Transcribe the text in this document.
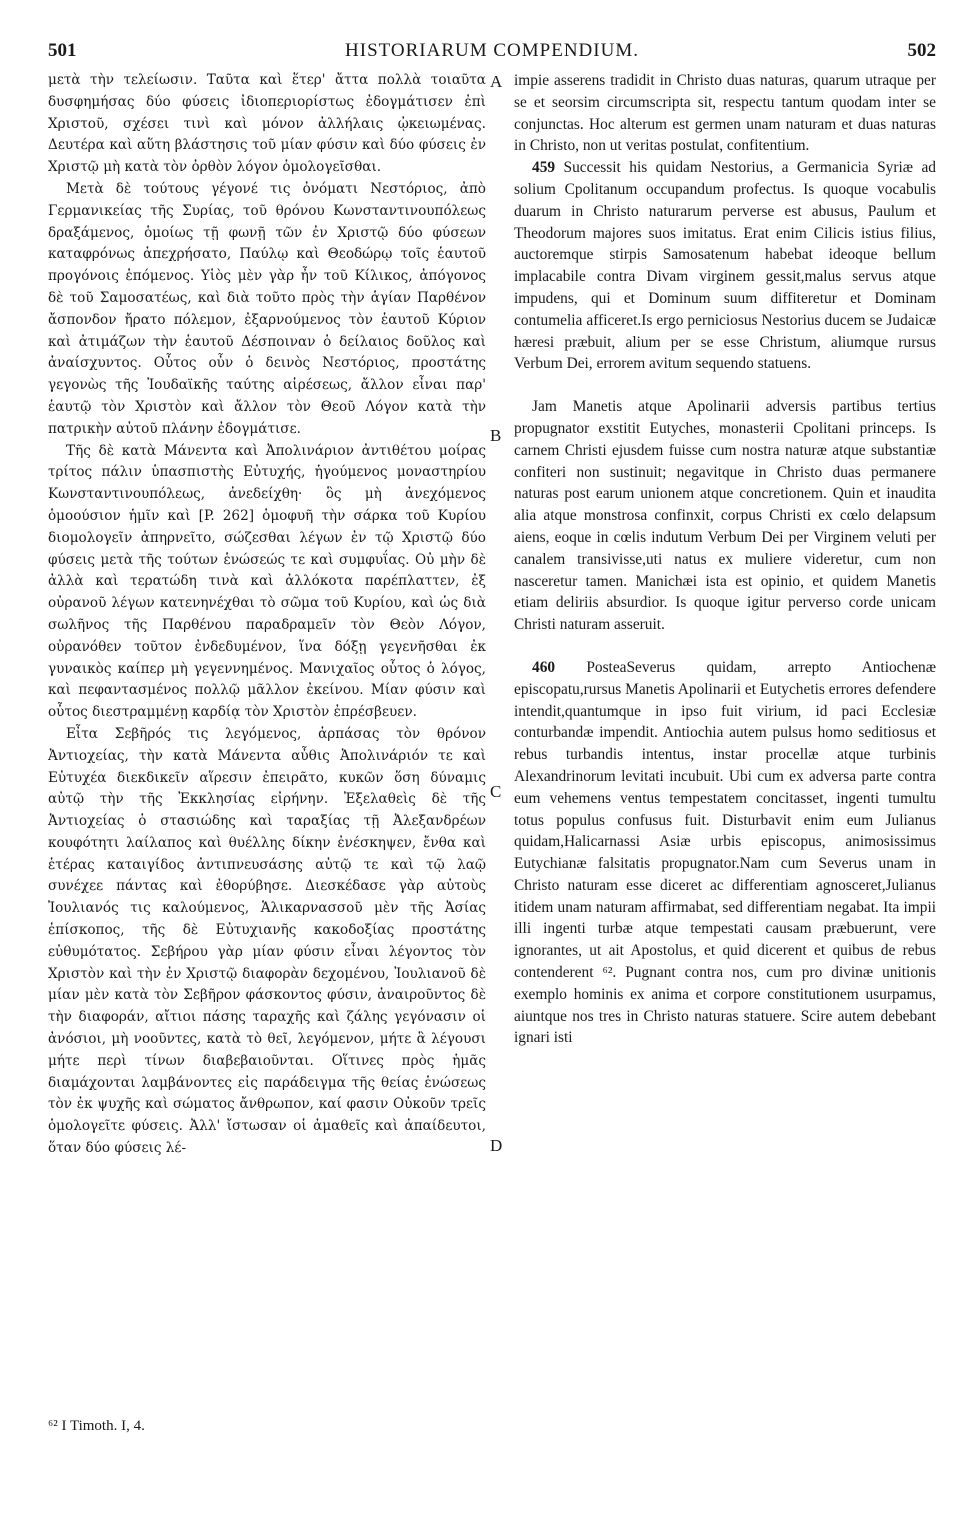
501	HISTORIARUM COMPENDIUM.	502

μετὰ τὴν τελείωσιν. Ταῦτα καὶ ἕτερ' ἄττα πολλὰ τοιαῦτα δυσφημήσας δύο φύσεις ἰδιοπεριορίστως ἐδογμάτισεν ἐπὶ Χριστοῦ, σχέσει τινὶ καὶ μόνον ἀλλήλαις ᾠκειωμένας. Δευτέρα καὶ αὕτη βλάστησις τοῦ μίαν φύσιν καὶ δύο φύσεις ἐν Χριστῷ μὴ κατὰ τὸν ὀρθὸν λόγον ὁμολογεῖσθαι.

Μετὰ δὲ τούτους γέγονέ τις ὀνόματι Νεστόριος, ἀπὸ Γερμανικείας τῆς Συρίας, τοῦ θρόνου Κωνσταντινουπόλεως δραξάμενος, ὁμοίως τῇ φωνῇ τῶν ἐν Χριστῷ δύο φύσεων καταφρόνως ἀπεχρήσατο, Παύλῳ καὶ Θεοδώρῳ τοῖς ἑαυτοῦ προγόνοις ἑπόμενος. Υἱὸς μὲν γὰρ ἦν τοῦ Κίλικος, ἀπόγονος δὲ τοῦ Σαμοσατέως, καὶ διὰ τοῦτο πρὸς τὴν ἁγίαν Παρθένον ἄσπονδον ἤρατο πόλεμον, ἐξαρνούμενος τὸν ἑαυτοῦ Κύριον καὶ ἀτιμάζων τὴν ἑαυτοῦ Δέσποιναν ὁ δείλαιος δοῦλος καὶ ἀναίσχυντος. Οὗτος οὖν ὁ δεινὸς Νεστόριος, προστάτης γεγονὼς τῆς Ἰουδαϊκῆς ταύτης αἱρέσεως, ἄλλον εἶναι παρ' ἑαυτῷ τὸν Χριστὸν καὶ ἄλλον τὸν Θεοῦ Λόγον κατὰ τὴν πατρικὴν αὐτοῦ πλάνην ἐδογμάτισε.

Τῆς δὲ κατὰ Μάνεντα καὶ Ἀπολινάριον ἀντιθέτου μοίρας τρίτος πάλιν ὑπασπιστὴς Εὐτυχής, ἡγούμενος μοναστηρίου Κωνσταντινουπόλεως, ἀνεδείχθη· ὃς μὴ ἀνεχόμενος ὁμοούσιον ἡμῖν καὶ [P. 262] ὁμοφυῆ τὴν σάρκα τοῦ Κυρίου διομολογεῖν ἀπηρνεῖτο, σώζεσθαι λέγων ἐν τῷ Χριστῷ δύο φύσεις μετὰ τῆς τούτων ἑνώσεώς τε καὶ συμφυΐας. Οὐ μὴν δὲ ἀλλὰ καὶ τερατώδη τινὰ καὶ ἀλλόκοτα παρέπλαττεν, ἐξ οὐρανοῦ λέγων κατενηνέχθαι τὸ σῶμα τοῦ Κυρίου, καὶ ὡς διὰ σωλῆνος τῆς Παρθένου παραδραμεῖν τὸν Θεὸν Λόγον, οὐρανόθεν τοῦτον ἐνδεδυμένον, ἵνα δόξῃ γεγενῆσθαι ἐκ γυναικὸς καίπερ μὴ γεγεννημένος. Μανιχαῖος οὗτος ὁ λόγος, καὶ πεφαντασμένος πολλῷ μᾶλλον ἐκείνου. Μίαν φύσιν καὶ οὗτος διεστραμμένῃ καρδίᾳ τὸν Χριστὸν ἐπρέσβευεν.

Εἶτα Σεβῆρός τις λεγόμενος, ἁρπάσας τὸν θρόνον Ἀντιοχείας, τὴν κατὰ Μάνεντα αὖθις Ἀπολινάριόν τε καὶ Εὐτυχέα διεκδικεῖν αἵρεσιν ἐπειρᾶτο, κυκῶν ὅση δύναμις αὐτῷ τὴν τῆς Ἐκκλησίας εἰρήνην. Ἐξελαθεὶς δὲ τῆς Ἀντιοχείας ὁ στασιώδης καὶ ταραξίας τῇ Ἀλεξανδρέων κουφότητι λαίλαπος καὶ θυέλλης δίκην ἐνέσκηψεν, ἔνθα καὶ ἑτέρας καταιγίδος ἀντιπνευσάσης αὐτῷ τε καὶ τῷ λαῷ συνέχεε πάντας καὶ ἐθορύβησε. Διεσκέδασε γὰρ αὐτοὺς Ἰουλιανός τις καλούμενος, Ἁλικαρνασσοῦ μὲν τῆς Ἀσίας ἐπίσκοπος, τῆς δὲ Εὐτυχιανῆς κακοδοξίας προστάτης εὐθυμότατος. Σεβήρου γὰρ μίαν φύσιν εἶναι λέγοντος τὸν Χριστὸν καὶ τὴν ἐν Χριστῷ διαφορὰν δεχομένου, Ἰουλιανοῦ δὲ μίαν μὲν κατὰ τὸν Σεβῆρον φάσκοντος φύσιν, ἀναιροῦντος δὲ τὴν διαφοράν, αἴτιοι πάσης ταραχῆς καὶ ζάλης γεγόνασιν οἱ ἀνόσιοι, μὴ νοοῦντες, κατὰ τὸ θεῖ, λεγόμενον, μήτε ἃ λέγουσι μήτε περὶ τίνων διαβεβαιοῦνται. Οἵτινες πρὸς ἡμᾶς διαμάχονται λαμβάνοντες εἰς παράδειγμα τῆς θείας ἑνώσεως τὸν ἐκ ψυχῆς καὶ σώματος ἄνθρωπον, καί φασιν Οὐκοῦν τρεῖς ὁμολογεῖτε φύσεις. Ἀλλ' ἴστωσαν οἱ ἀμαθεῖς καὶ ἀπαίδευτοι, ὅταν δύο φύσεις λέ-

impie asserens tradidit in Christo duas naturas, quarum utraque per se et seorsim circumscripta sit, respectu tantum quodam inter se conjunctas. Hoc alterum est germen unam naturam et duas naturas in Christo, non ut veritas postulat, confitentium.

459 Successit his quidam Nestorius, a Germanicia Syriæ ad solium Cpolitanum occupandum profectus. Is quoque vocabulis duarum in Christo naturarum perverse est abusus, Paulum et Theodorum majores suos imitatus. Erat enim Cilicis istius filius, auctoremque stirpis Samosatenum habebat ideoque bellum implacabile contra Divam virginem gessit,malus servus atque impudens, qui et Dominum suum diffiteretur et Dominam contumelia afficeret.Is ergo perniciosus Nestorius ducem se Judaicæ hæresi præbuit, alium per se esse Christum, aliumque rursus Verbum Dei, errorem avitum sequendo statuens.

Jam Manetis atque Apolinarii adversis partibus tertius propugnator exstitit Eutyches, monasterii Cpolitani princeps. Is carnem Christi ejusdem fuisse cum nostra naturæ atque substantiæ confiteri non sustinuit; negavitque in Christo duas permanere naturas post earum unionem atque concretionem. Quin et inaudita alia atque monstrosa confinxit, corpus Christi ex cœlo delapsum aiens, eoque in cœlis indutum Verbum Dei per Virginem veluti per canalem transivisse,uti natus ex muliere videretur, cum non nasceretur tamen. Manichæi ista est opinio, et quidem Manetis etiam deliriis absurdior. Is quoque igitur perverso corde unicam Christi naturam asseruit.

460 PosteaSeverus quidam, arrepto Antiochenæ episcopatu,rursus Manetis Apolinarii et Eutychetis errores defendere intendit,quantumque in ipso fuit virium, id paci Ecclesiæ conturbandæ impendit. Antiochia autem pulsus homo seditiosus et rebus turbandis intentus, instar procellæ atque turbinis Alexandrinorum levitati incubuit. Ubi cum ex adversa parte contra eum vehemens ventus tempestatem concitasset, ingenti tumultu totus populus confusus fuit. Disturbavit enim eum Julianus quidam,Halicarnassi Asiæ urbis episcopus, animosissimus Eutychianæ falsitatis propugnator.Nam cum Severus unam in Christo naturam esse diceret ac differentiam agnosceret,Julianus itidem unam naturam affirmabat, sed differentiam negabat. Ita impii illi ingenti turbæ atque tempestati causam præbuerunt, vere ignorantes, ut ait Apostolus, et quid dicerent et quibus de rebus contenderent ⁶². Pugnant contra nos, cum pro divinæ unitionis exemplo hominis ex anima et corpore constitutionem usurpamus, aiuntque nos tres in Christo naturas statuere. Scire autem debebant ignari isti

A
B
C
D
⁶² I Timoth. I, 4.
